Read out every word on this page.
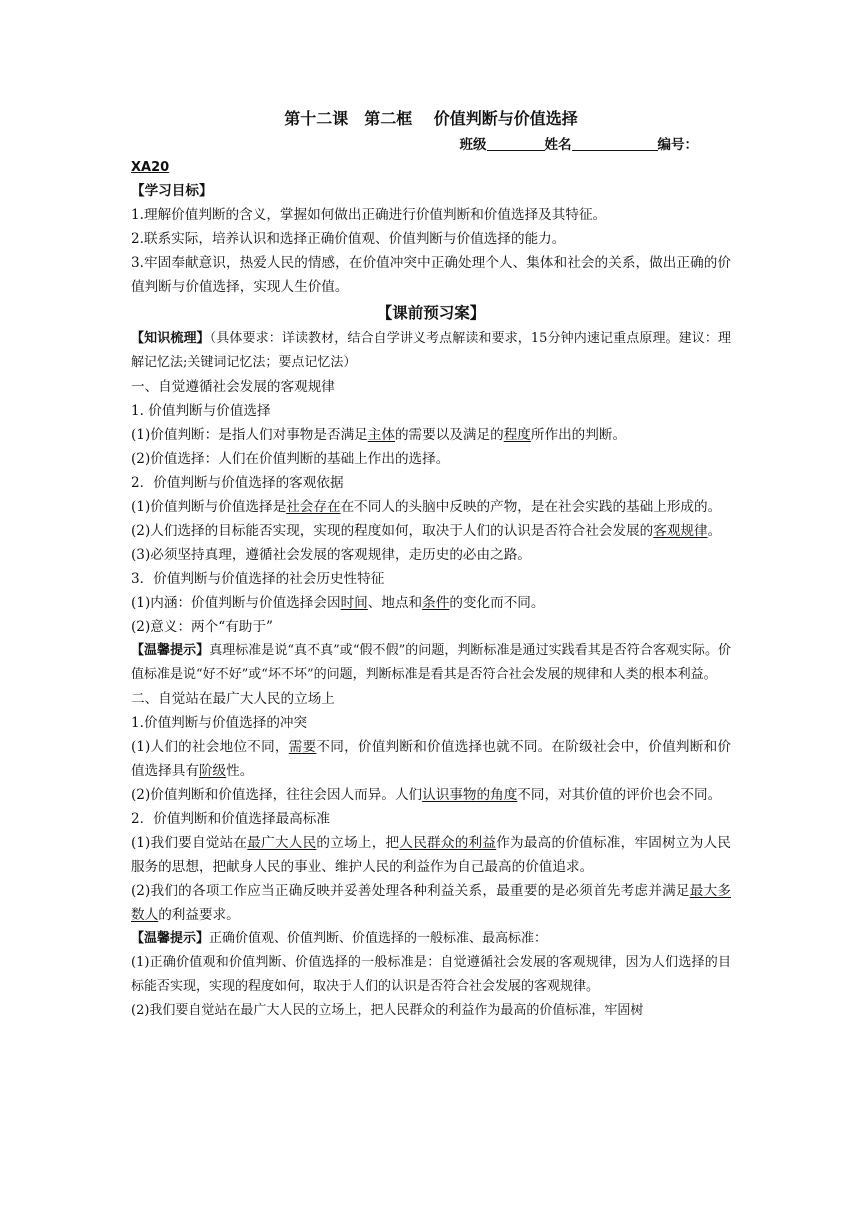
第十二课　第二框　 价值判断与价值选择
班级	姓名	编号：
XA20
【学习目标】
1.理解价值判断的含义，掌握如何做出正确进行价值判断和价值选择及其特征。
2.联系实际，培养认识和选择正确价值观、价值判断与价值选择的能力。
3.牢固奉献意识，热爱人民的情感，在价值冲突中正确处理个人、集体和社会的关系，做出正确的价值判断与价值选择，实现人生价值。
【课前预习案】
【知识梳理】（具体要求：详读教材，结合自学讲义考点解读和要求，15分钟内速记重点原理。建议：理解记忆法;关键词记忆法；要点记忆法）
一、自觉遵循社会发展的客观规律
1. 价值判断与价值选择
(1)价值判断：是指人们对事物是否满足主体的需要以及满足的程度所作出的判断。
(2)价值选择：人们在价值判断的基础上作出的选择。
2．价值判断与价值选择的客观依据
(1)价值判断与价值选择是社会存在在不同人的头脑中反映的产物，是在社会实践的基础上形成的。
(2)人们选择的目标能否实现，实现的程度如何，取决于人们的认识是否符合社会发展的客观规律。
(3)必须坚持真理，遵循社会发展的客观规律，走历史的必由之路。
3．价值判断与价值选择的社会历史性特征
(1)内涵：价值判断与价值选择会因时间、地点和条件的变化而不同。
(2)意义：两个“有助于”
【温馨提示】真理标准是说“真不真”或“假不假”的问题，判断标准是通过实践看其是否符合客观实际。价值标准是说“好不好”或“坏不坏”的问题，判断标准是看其是否符合社会发展的规律和人类的根本利益。
二、自觉站在最广大人民的立场上
1.价值判断与价值选择的冲突
(1)人们的社会地位不同，需要不同，价值判断和价值选择也就不同。在阶级社会中，价值判断和价值选择具有阶级性。
(2)价值判断和价值选择，往往会因人而异。人们认识事物的角度不同，对其价值的评价也会不同。
2．价值判断和价值选择最高标准
(1)我们要自觉站在最广大人民的立场上，把人民群众的利益作为最高的价值标准，牢固树立为人民服务的思想，把献身人民的事业、维护人民的利益作为自己最高的价值追求。
(2)我们的各项工作应当正确反映并妥善处理各种利益关系，最重要的是必须首先考虑并满足最大多数人的利益要求。
【温馨提示】正确价值观、价值判断、价值选择的一般标准、最高标准：
(1)正确价值观和价值判断、价值选择的一般标准是：自觉遵循社会发展的客观规律，因为人们选择的目标能否实现，实现的程度如何，取决于人们的认识是否符合社会发展的客观规律。
(2)我们要自觉站在最广大人民的立场上，把人民群众的利益作为最高的价值标准，牢固树
